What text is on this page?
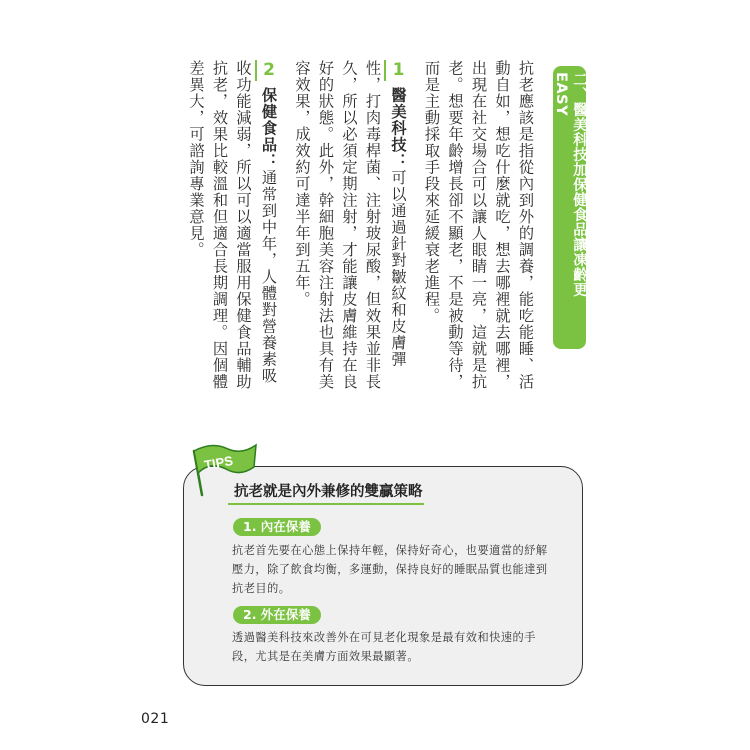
二、醫美科技加保健食品讓凍齡更 EASY

抗老應該是指從內到外的調養，能吃能睡、活動自如，想吃什麼就吃，想去哪裡就去哪裡，出現在社交場合可以讓人眼睛一亮，這就是抗老。想要年齡增長卻不顯老，不是被動等待，而是主動採取手段來延緩衰老進程。

1醫美科技：可以通過針對皺紋和皮膚彈性，打肉毒桿菌、注射玻尿酸，但效果並非長久，所以必須定期注射，才能讓皮膚維持在良好的狀態。此外，幹細胞美容注射法也具有美容效果，成效約可達半年到五年。

2保健食品：通常到中年，人體對營養素吸收功能減弱，所以可以適當服用保健食品輔助抗老，效果比較溫和但適合長期調理。因個體差異大，可諮詢專業意見。

TIPS
抗老就是內外兼修的雙贏策略
1. 內在保養
抗老首先要在心態上保持年輕，保持好奇心，也要適當的紓解壓力，除了飲食均衡，多運動，保持良好的睡眠品質也能達到抗老目的。
2. 外在保養
透過醫美科技來改善外在可見老化現象是最有效和快速的手段，尤其是在美膚方面效果最顯著。
021
